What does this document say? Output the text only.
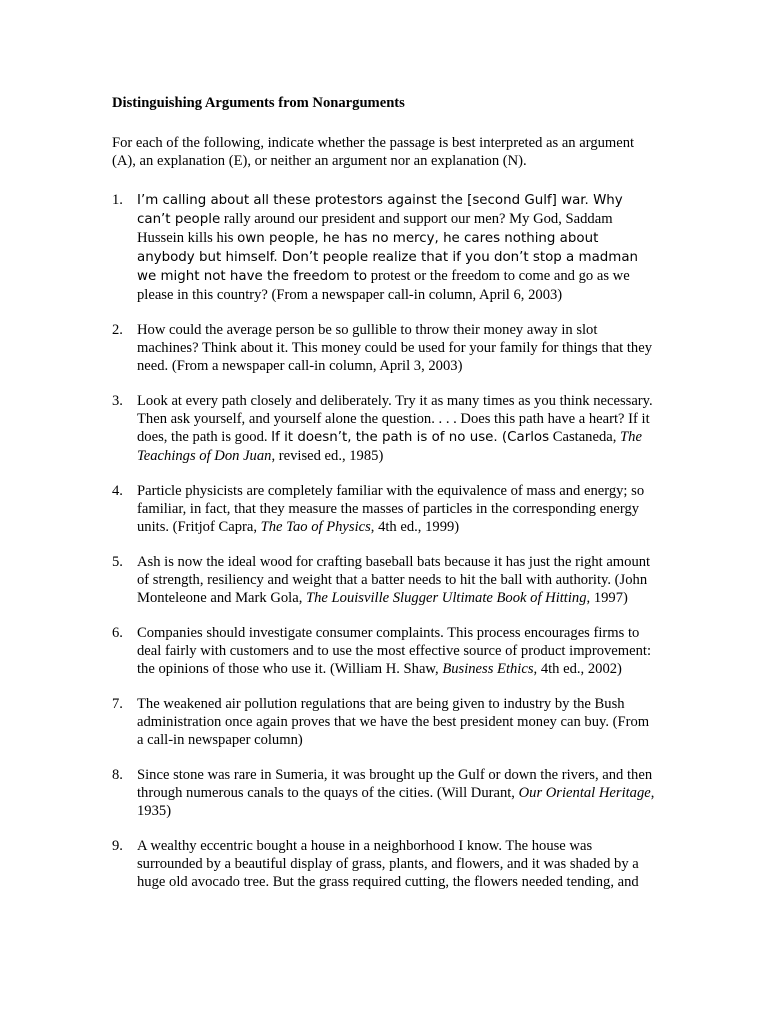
Distinguishing Arguments from Nonarguments
For each of the following, indicate whether the passage is best interpreted as an argument (A), an explanation (E), or neither an argument nor an explanation (N).
1. I’m calling about all these protestors against the [second Gulf] war. Why can’t people rally around our president and support our men? My God, Saddam Hussein kills his own people, he has no mercy, he cares nothing about anybody but himself. Don’t people realize that if you don’t stop a madman we might not have the freedom to protest or the freedom to come and go as we please in this country? (From a newspaper call-in column, April 6, 2003)
2. How could the average person be so gullible to throw their money away in slot machines? Think about it. This money could be used for your family for things that they need. (From a newspaper call-in column, April 3, 2003)
3. Look at every path closely and deliberately. Try it as many times as you think necessary. Then ask yourself, and yourself alone the question. . . . Does this path have a heart? If it does, the path is good. If it doesn’t, the path is of no use. (Carlos Castaneda, The Teachings of Don Juan, revised ed., 1985)
4. Particle physicists are completely familiar with the equivalence of mass and energy; so familiar, in fact, that they measure the masses of particles in the corresponding energy units. (Fritjof Capra, The Tao of Physics, 4th ed., 1999)
5. Ash is now the ideal wood for crafting baseball bats because it has just the right amount of strength, resiliency and weight that a batter needs to hit the ball with authority. (John Monteleone and Mark Gola, The Louisville Slugger Ultimate Book of Hitting, 1997)
6. Companies should investigate consumer complaints. This process encourages firms to deal fairly with customers and to use the most effective source of product improvement: the opinions of those who use it. (William H. Shaw, Business Ethics, 4th ed., 2002)
7. The weakened air pollution regulations that are being given to industry by the Bush administration once again proves that we have the best president money can buy. (From a call-in newspaper column)
8. Since stone was rare in Sumeria, it was brought up the Gulf or down the rivers, and then through numerous canals to the quays of the cities. (Will Durant, Our Oriental Heritage, 1935)
9. A wealthy eccentric bought a house in a neighborhood I know. The house was surrounded by a beautiful display of grass, plants, and flowers, and it was shaded by a huge old avocado tree. But the grass required cutting, the flowers needed tending, and
